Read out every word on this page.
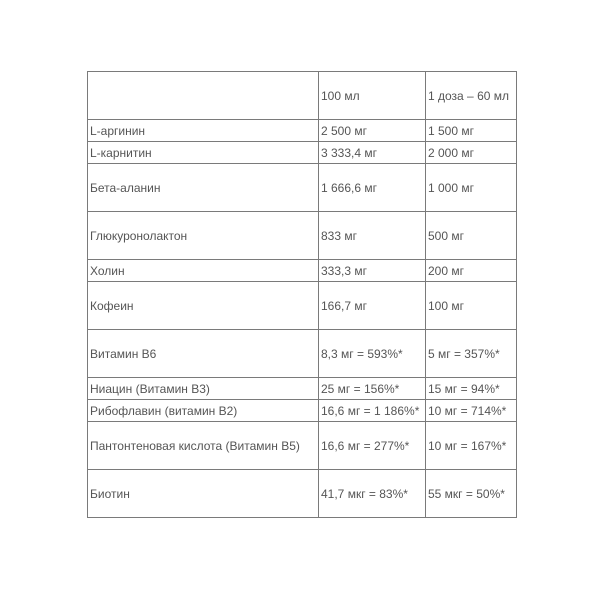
	100 мл	1 доза – 60 мл
L-аргинин	2 500 мг	1 500 мг
L-карнитин	3 333,4 мг	2 000 мг
Бета-аланин	1 666,6 мг	1 000 мг
Глюкуронолактон	833 мг	500 мг
Холин	333,3 мг	200 мг
Кофеин	166,7 мг	100 мг
Витамин В6	8,3 мг = 593%*	5 мг = 357%*
Ниацин (Витамин В3)	25 мг = 156%*	15 мг = 94%*
Рибофлавин (витамин В2)	16,6 мг = 1 186%*	10 мг = 714%*
Пантонтеновая кислота (Витамин В5)	16,6 мг = 277%*	10 мг = 167%*
Биотин	41,7 мкг = 83%*	55 мкг = 50%*
